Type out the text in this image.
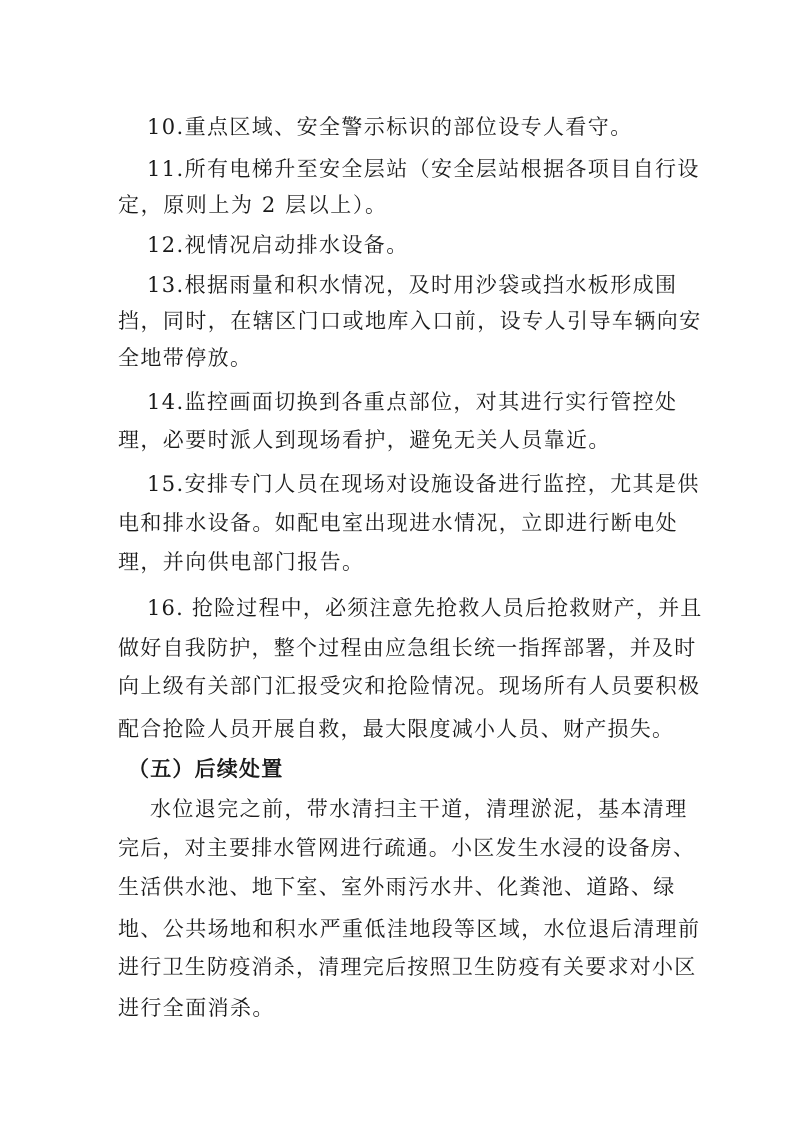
10.重点区域、安全警示标识的部位设专人看守。
11.所有电梯升至安全层站（安全层站根据各项目自行设
定，原则上为 2 层以上）。
12.视情况启动排水设备。
13.根据雨量和积水情况，及时用沙袋或挡水板形成围
挡，同时，在辖区门口或地库入口前，设专人引导车辆向安
全地带停放。
14.监控画面切换到各重点部位，对其进行实行管控处
理，必要时派人到现场看护，避免无关人员靠近。
15.安排专门人员在现场对设施设备进行监控，尤其是供
电和排水设备。如配电室出现进水情况，立即进行断电处
理，并向供电部门报告。
16. 抢险过程中，必须注意先抢救人员后抢救财产，并且
做好自我防护，整个过程由应急组长统一指挥部署，并及时
向上级有关部门汇报受灾和抢险情况。现场所有人员要积极
配合抢险人员开展自救，最大限度减小人员、财产损失。
（五）后续处置
水位退完之前，带水清扫主干道，清理淤泥，基本清理
完后，对主要排水管网进行疏通。小区发生水浸的设备房、
生活供水池、地下室、室外雨污水井、化粪池、道路、绿
地、公共场地和积水严重低洼地段等区域，水位退后清理前
进行卫生防疫消杀，清理完后按照卫生防疫有关要求对小区
进行全面消杀。
